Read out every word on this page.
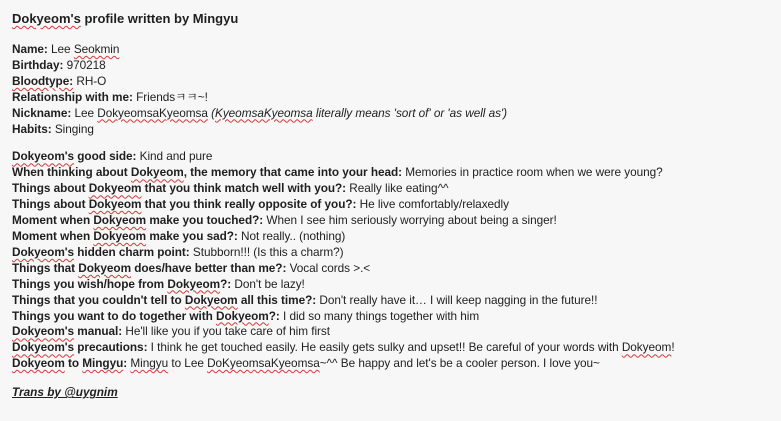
Dokyeom's profile written by Mingyu
Name: Lee Seokmin
Birthday: 970218
Bloodtype: RH-O
Relationship with me: Friendsㅋㅋ~!
Nickname: Lee DokyeomsaKyeomsa (KyeomsaKyeomsa literally means 'sort of' or 'as well as')
Habits: Singing
Dokyeom's good side: Kind and pure
When thinking about Dokyeom, the memory that came into your head: Memories in practice room when we were young?
Things about Dokyeom that you think match well with you?: Really like eating^^
Things about Dokyeom that you think really opposite of you?: He live comfortably/relaxedly
Moment when Dokyeom make you touched?: When I see him seriously worrying about being a singer!
Moment when Dokyeom make you sad?: Not really.. (nothing)
Dokyeom's hidden charm point: Stubborn!!! (Is this a charm?)
Things that Dokyeom does/have better than me?: Vocal cords >.<
Things you wish/hope from Dokyeom?: Don't be lazy!
Things that you couldn't tell to Dokyeom all this time?: Don't really have it… I will keep nagging in the future!!
Things you want to do together with Dokyeom?: I did so many things together with him
Dokyeom's manual: He'll like you if you take care of him first
Dokyeom's precautions: I think he get touched easily. He easily gets sulky and upset!! Be careful of your words with Dokyeom!
Dokyeom to Mingyu: Mingyu to Lee DoKyeomsaKyeomsa~^^ Be happy and let's be a cooler person. I love you~
Trans by @uygnim
